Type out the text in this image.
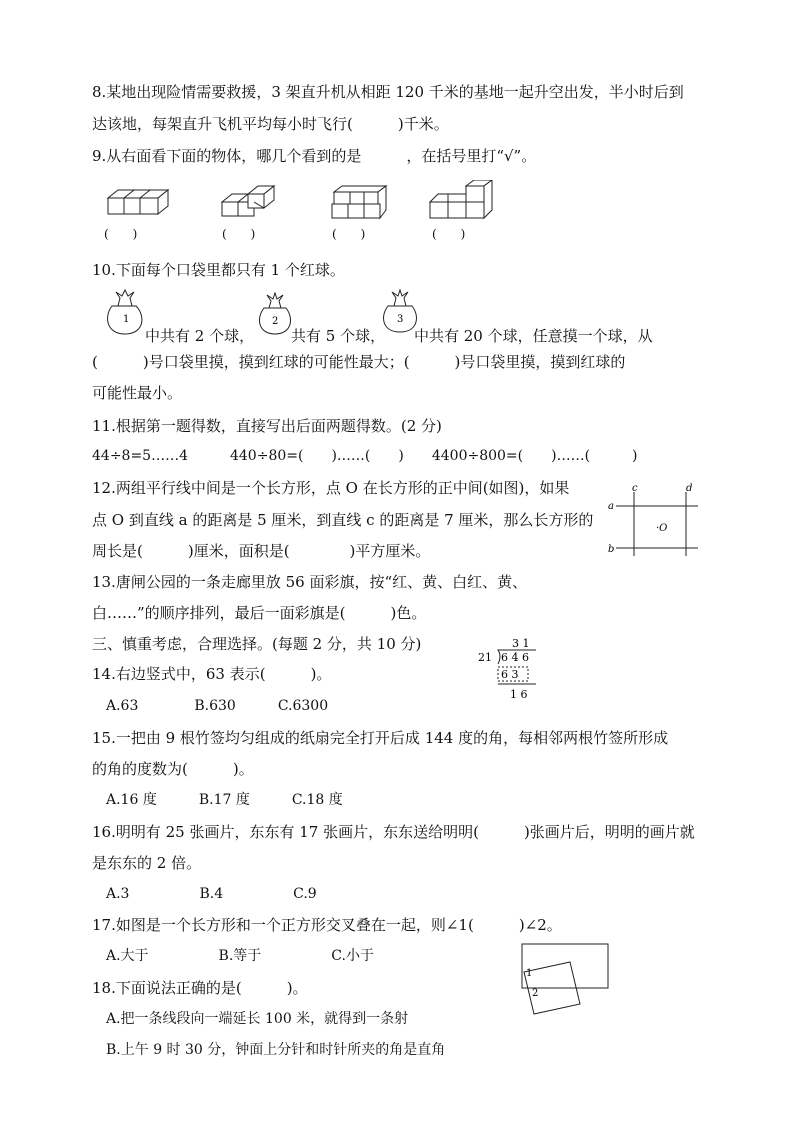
8.某地出现险情需要救援，3 架直升机从相距 120 千米的基地一起升空出发，半小时后到
达该地，每架直升飞机平均每小时飞行(　　　)千米。
9.从右面看下面的物体，哪几个看到的是　　　，在括号里打“√”。
(　　)	(　　)	(　　)	(　　)
10.下面每个口袋里都只有 1 个红球。
1
中共有 2 个球，
2
共有 5 个球，
3
中共有 20 个球，任意摸一个球，从
(　　　)号口袋里摸，摸到红球的可能性最大；(　　　)号口袋里摸，摸到红球的
可能性最小。
11.根据第一题得数，直接写出后面两题得数。(2 分)
44÷8=5……4　　　440÷80=(　　)……(　　)　　4400÷800=(　　)……(　　　)
12.两组平行线中间是一个长方形，点 O 在长方形的正中间(如图)，如果
点 O 到直线 a 的距离是 5 厘米，到直线 c 的距离是 7 厘米，那么长方形的
周长是(　　　)厘米，面积是(　　　　)平方厘米。
c	d
a
b
·O
13.唐闸公园的一条走廊里放 56 面彩旗，按“红、黄、白红、黄、
白……”的顺序排列，最后一面彩旗是(　　　)色。
三、慎重考虑，合理选择。(每题 2 分，共 10 分)
14.右边竖式中，63 表示(　　　)。
A.63　　　　B.630　　　C.6300
3 1
21 6 4 6
6 3
1 6
15.一把由 9 根竹签均匀组成的纸扇完全打开后成 144 度的角，每相邻两根竹签所形成
的角的度数为(　　　)。
A.16 度　　　B.17 度　　　C.18 度
16.明明有 25 张画片，东东有 17 张画片，东东送给明明(　　　)张画片后，明明的画片就
是东东的 2 倍。
A.3　　　　　B.4　　　　　C.9
17.如图是一个长方形和一个正方形交叉叠在一起，则∠1(　　　)∠2。
A.大于　　　　　B.等于　　　　　C.小于
1
2
18.下面说法正确的是(　　　)。
A.把一条线段向一端延长 100 米，就得到一条射
B.上午 9 时 30 分，钟面上分针和时针所夹的角是直角
